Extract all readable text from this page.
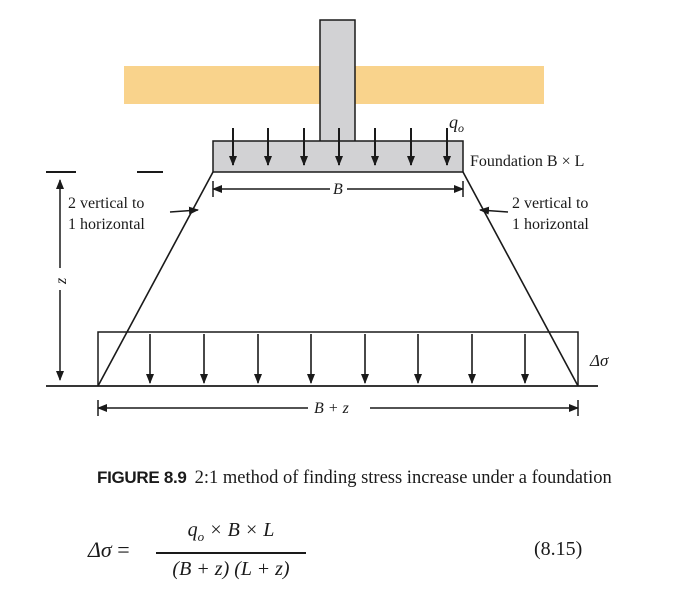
$q_o$
Foundation B × L
B
2 vertical to
1 horizontal
2 vertical to
1 horizontal
z
Δσ
B + z
FIGURE 8.9 2:1 method of finding stress increase under a foundation
Δσ =
$q_o \times B \times L$
(B + z) (L + z)
(8.15)
